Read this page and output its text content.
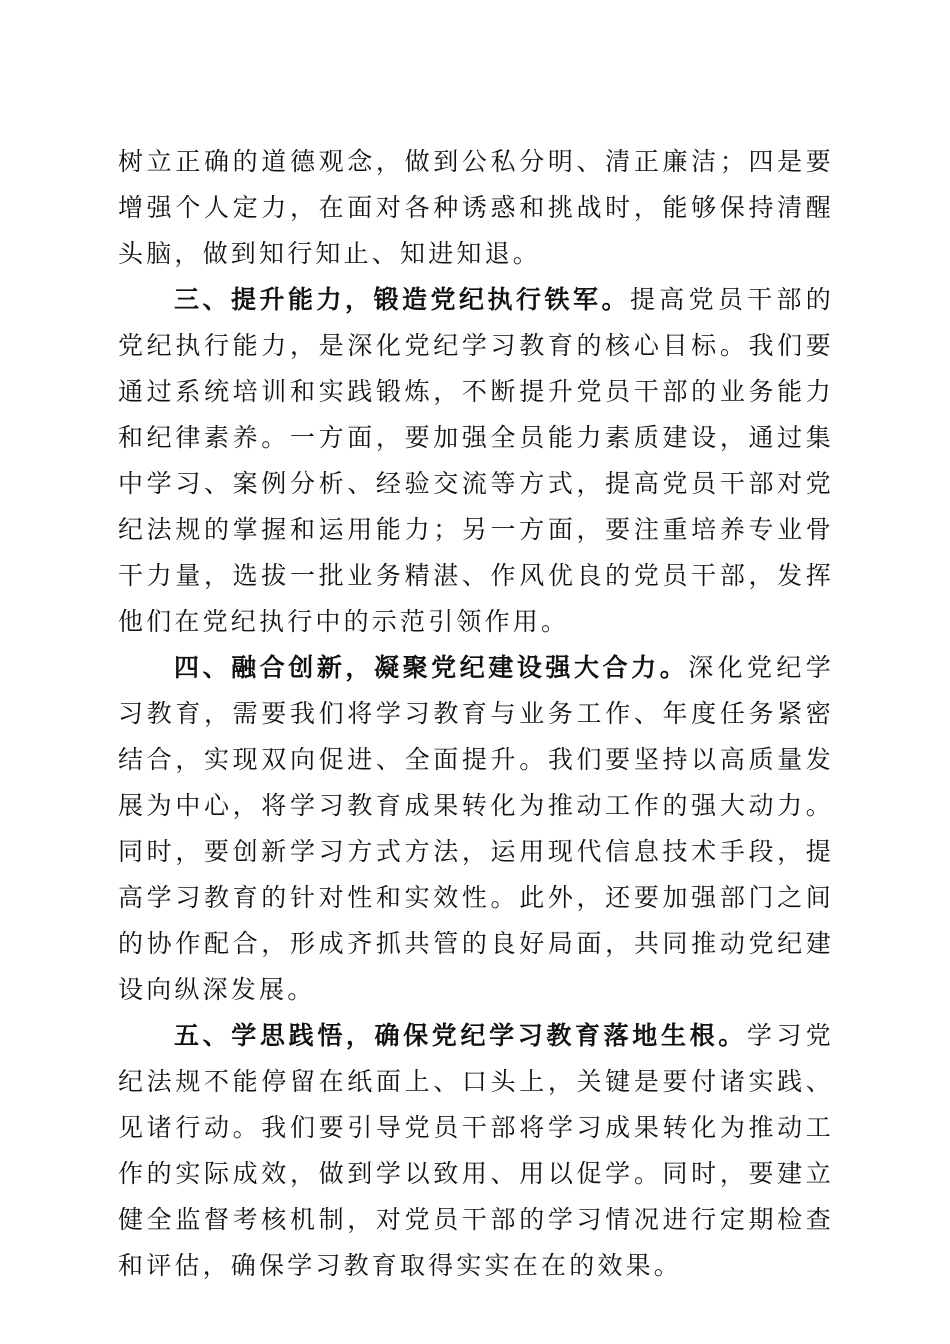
树立正确的道德观念，做到公私分明、清正廉洁；四是要增强个人定力，在面对各种诱惑和挑战时，能够保持清醒头脑，做到知行知止、知进知退。

三、提升能力，锻造党纪执行铁军。提高党员干部的党纪执行能力，是深化党纪学习教育的核心目标。我们要通过系统培训和实践锻炼，不断提升党员干部的业务能力和纪律素养。一方面，要加强全员能力素质建设，通过集中学习、案例分析、经验交流等方式，提高党员干部对党纪法规的掌握和运用能力；另一方面，要注重培养专业骨干力量，选拔一批业务精湛、作风优良的党员干部，发挥他们在党纪执行中的示范引领作用。

四、融合创新，凝聚党纪建设强大合力。深化党纪学习教育，需要我们将学习教育与业务工作、年度任务紧密结合，实现双向促进、全面提升。我们要坚持以高质量发展为中心，将学习教育成果转化为推动工作的强大动力。同时，要创新学习方式方法，运用现代信息技术手段，提高学习教育的针对性和实效性。此外，还要加强部门之间的协作配合，形成齐抓共管的良好局面，共同推动党纪建设向纵深发展。

五、学思践悟，确保党纪学习教育落地生根。学习党纪法规不能停留在纸面上、口头上，关键是要付诸实践、见诸行动。我们要引导党员干部将学习成果转化为推动工作的实际成效，做到学以致用、用以促学。同时，要建立健全监督考核机制，对党员干部的学习情况进行定期检查和评估，确保学习教育取得实实在在的效果。
